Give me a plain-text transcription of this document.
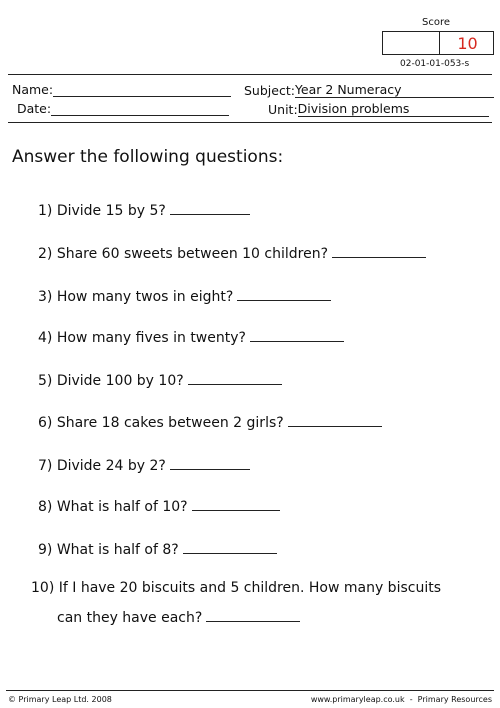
Score
10
02-01-01-053-s
Name:
Date:
Subject:Year 2 Numeracy
Unit:Division problems
Answer the following questions:
1) Divide 15 by 5?
2) Share 60 sweets between 10 children?
3) How many twos in eight?
4) How many fives in twenty?
5) Divide 100 by 10?
6) Share 18 cakes between 2 girls?
7) Divide 24 by 2?
8) What is half of 10?
9) What is half of 8?
10) If I have 20 biscuits and 5 children. How many biscuits
can they have each?
© Primary Leap Ltd. 2008	www.primaryleap.co.uk  -  Primary Resources
